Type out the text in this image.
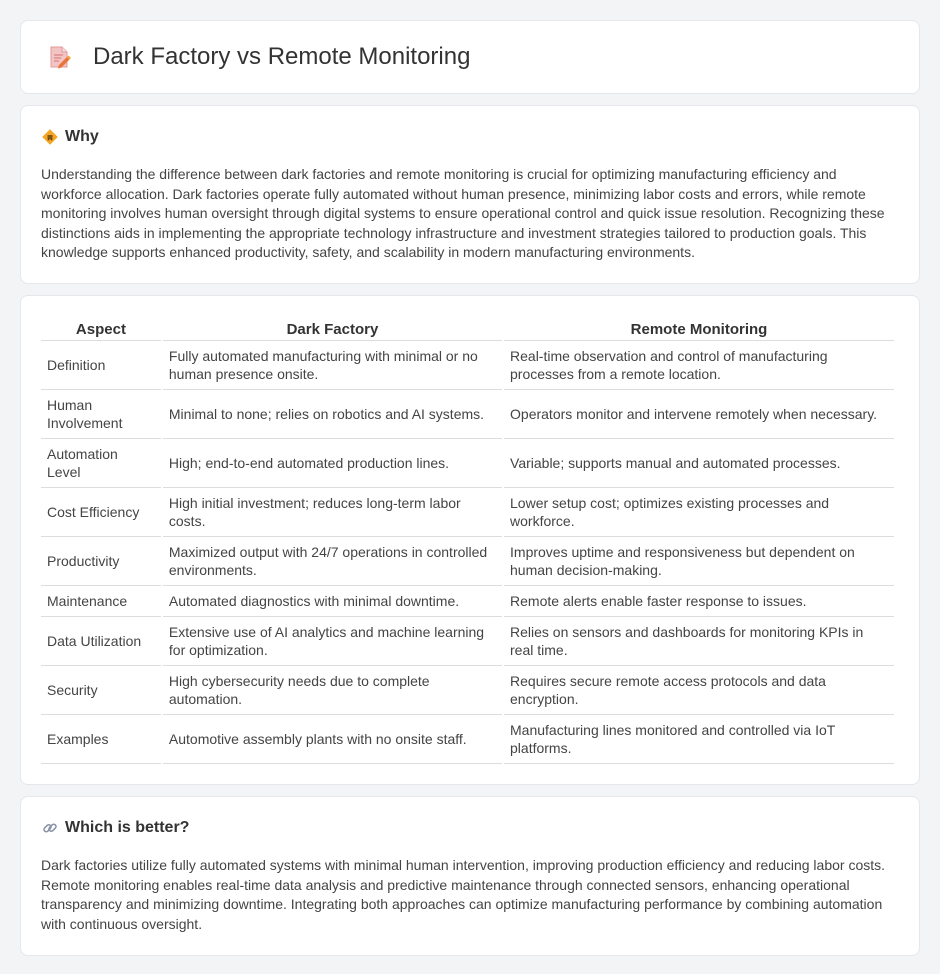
Dark Factory vs Remote Monitoring
Why

Understanding the difference between dark factories and remote monitoring is crucial for optimizing manufacturing efficiency and workforce allocation. Dark factories operate fully automated without human presence, minimizing labor costs and errors, while remote monitoring involves human oversight through digital systems to ensure operational control and quick issue resolution. Recognizing these distinctions aids in implementing the appropriate technology infrastructure and investment strategies tailored to production goals. This knowledge supports enhanced productivity, safety, and scalability in modern manufacturing environments.

Aspect	Dark Factory	Remote Monitoring
Definition	Fully automated manufacturing with minimal or no human presence onsite.	Real-time observation and control of manufacturing processes from a remote location.
Human Involvement	Minimal to none; relies on robotics and AI systems.	Operators monitor and intervene remotely when necessary.
Automation Level	High; end-to-end automated production lines.	Variable; supports manual and automated processes.
Cost Efficiency	High initial investment; reduces long-term labor costs.	Lower setup cost; optimizes existing processes and workforce.
Productivity	Maximized output with 24/7 operations in controlled environments.	Improves uptime and responsiveness but dependent on human decision-making.
Maintenance	Automated diagnostics with minimal downtime.	Remote alerts enable faster response to issues.
Data Utilization	Extensive use of AI analytics and machine learning for optimization.	Relies on sensors and dashboards for monitoring KPIs in real time.
Security	High cybersecurity needs due to complete automation.	Requires secure remote access protocols and data encryption.
Examples	Automotive assembly plants with no onsite staff.	Manufacturing lines monitored and controlled via IoT platforms.
Which is better?

Dark factories utilize fully automated systems with minimal human intervention, improving production efficiency and reducing labor costs. Remote monitoring enables real-time data analysis and predictive maintenance through connected sensors, enhancing operational transparency and minimizing downtime. Integrating both approaches can optimize manufacturing performance by combining automation with continuous oversight.
